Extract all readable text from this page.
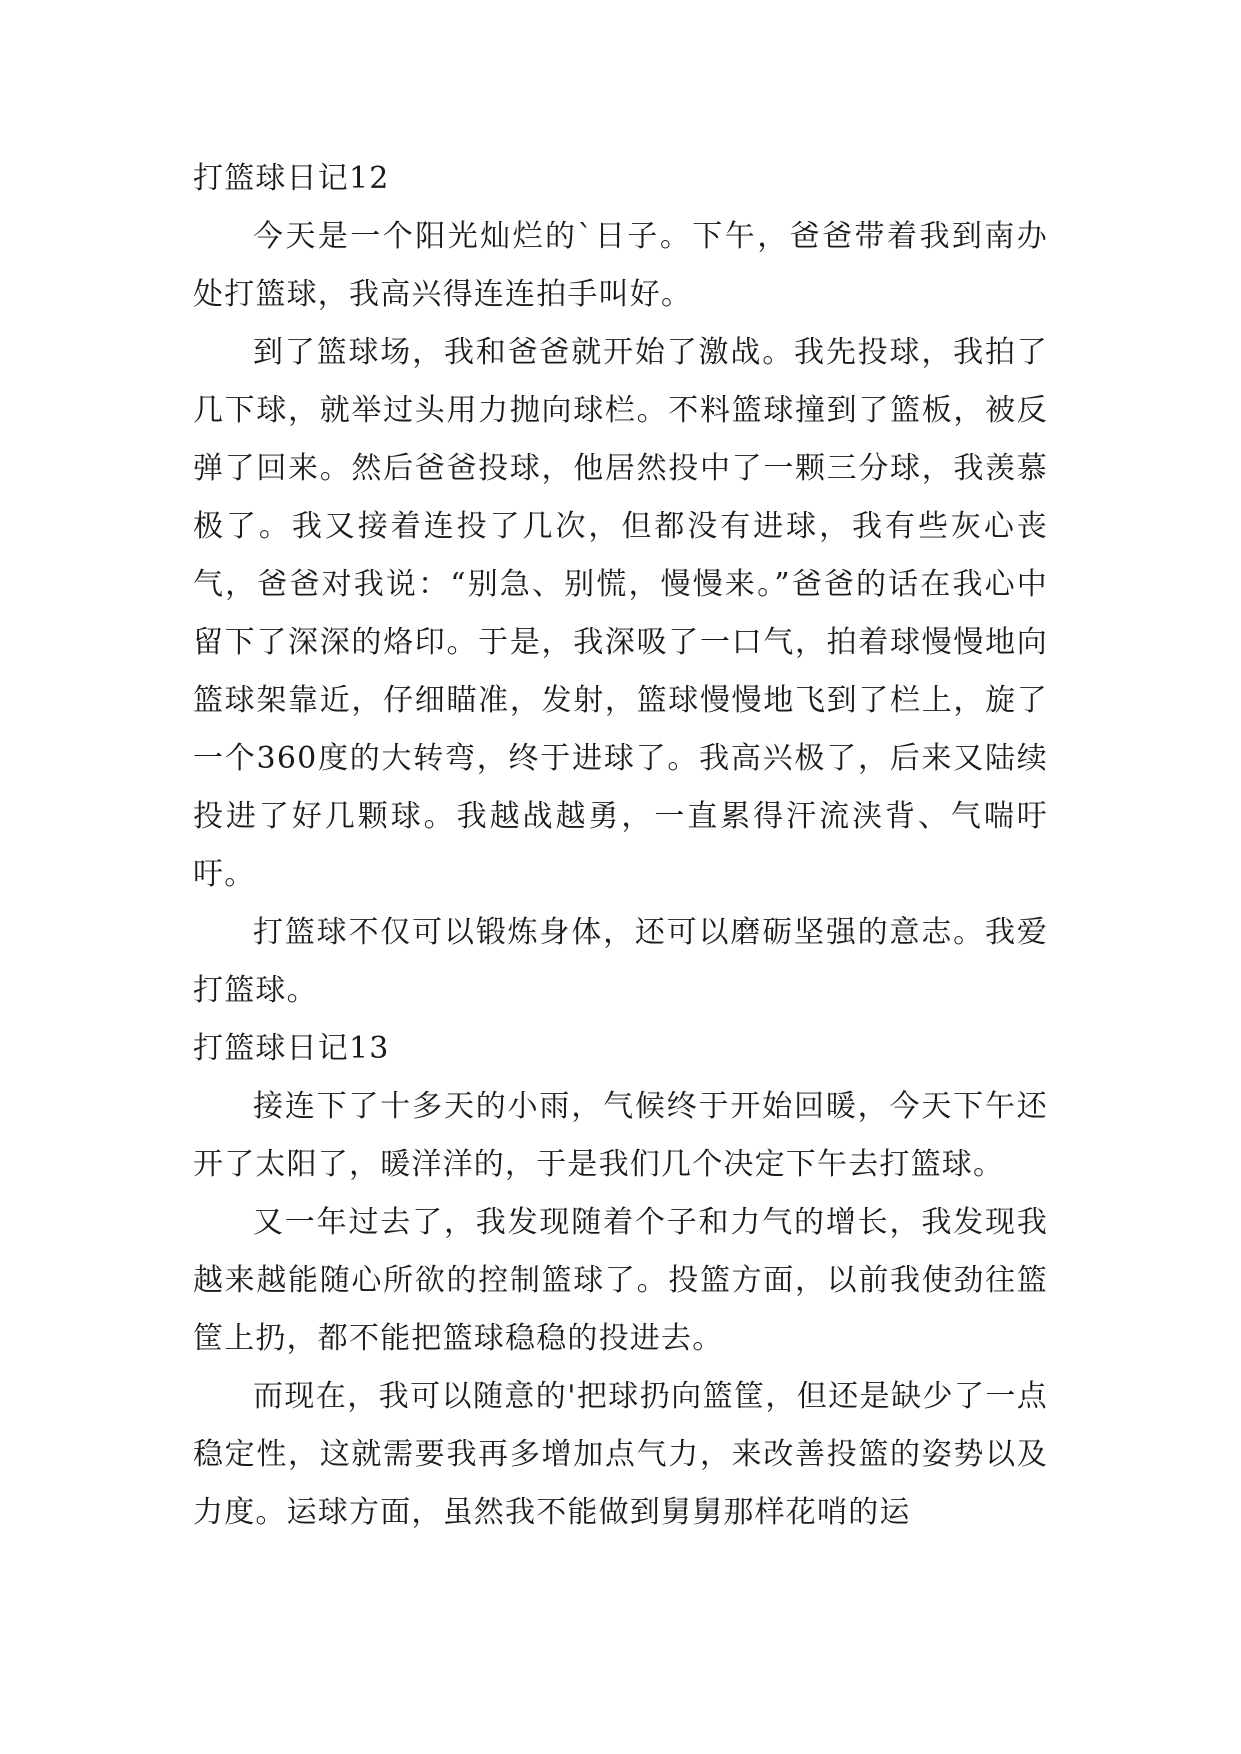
打篮球日记12

今天是一个阳光灿烂的`日子。下午，爸爸带着我到南办处打篮球，我高兴得连连拍手叫好。

到了篮球场，我和爸爸就开始了激战。我先投球，我拍了几下球，就举过头用力抛向球栏。不料篮球撞到了篮板，被反弹了回来。然后爸爸投球，他居然投中了一颗三分球，我羡慕极了。我又接着连投了几次，但都没有进球，我有些灰心丧气，爸爸对我说：“别急、别慌，慢慢来。”爸爸的话在我心中留下了深深的烙印。于是，我深吸了一口气，拍着球慢慢地向篮球架靠近，仔细瞄准，发射，篮球慢慢地飞到了栏上，旋了一个360度的大转弯，终于进球了。我高兴极了，后来又陆续投进了好几颗球。我越战越勇，一直累得汗流浃背、气喘吁吁。

打篮球不仅可以锻炼身体，还可以磨砺坚强的意志。我爱打篮球。

打篮球日记13

接连下了十多天的小雨，气候终于开始回暖，今天下午还开了太阳了，暖洋洋的，于是我们几个决定下午去打篮球。

又一年过去了，我发现随着个子和力气的增长，我发现我越来越能随心所欲的控制篮球了。投篮方面，以前我使劲往篮筐上扔，都不能把篮球稳稳的投进去。

而现在，我可以随意的'把球扔向篮筐，但还是缺少了一点稳定性，这就需要我再多增加点气力，来改善投篮的姿势以及力度。运球方面，虽然我不能做到舅舅那样花哨的运
